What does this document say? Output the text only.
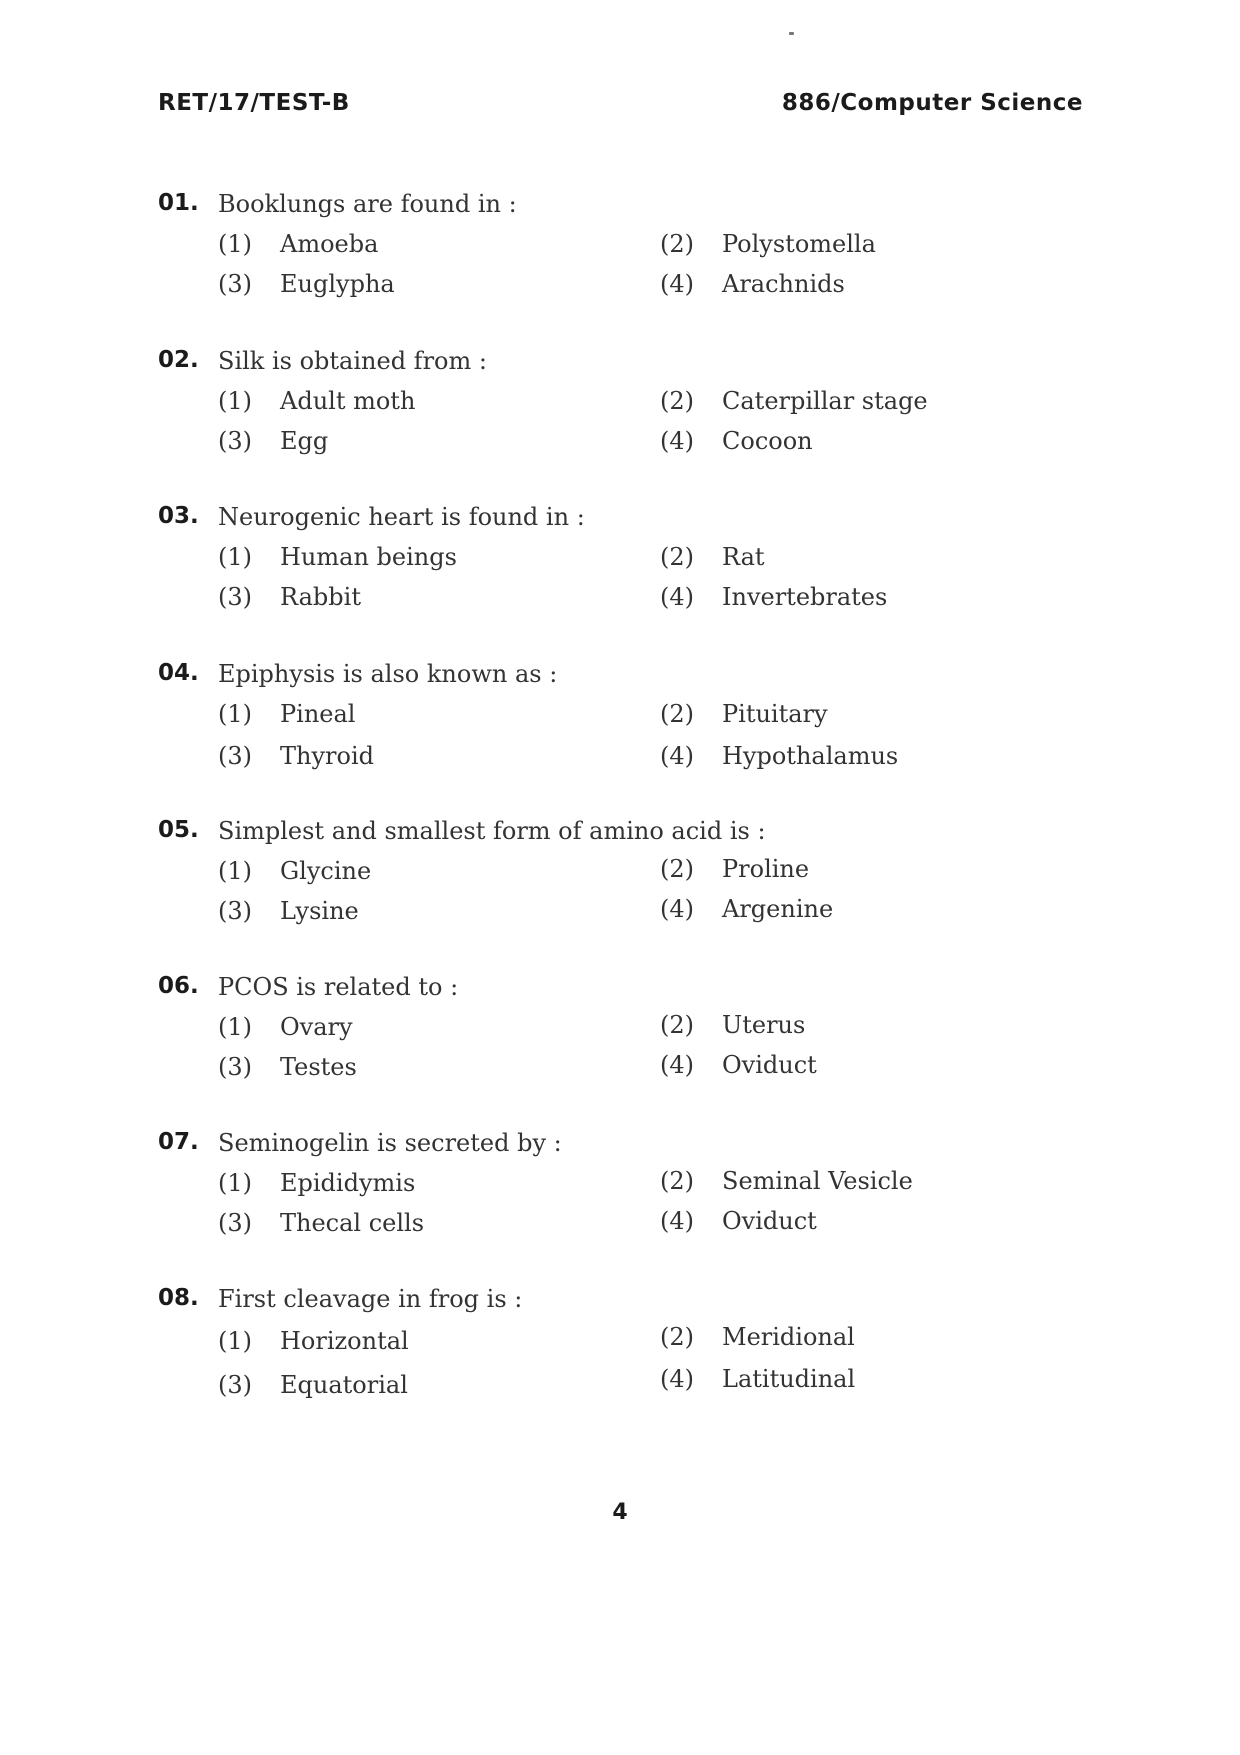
RET/17/TEST-B	886/Computer Science
01. Booklungs are found in :
(1) Amoeba	(2) Polystomella
(3) Euglypha	(4) Arachnids
02. Silk is obtained from :
(1) Adult moth	(2) Caterpillar stage
(3) Egg	(4) Cocoon
03. Neurogenic heart is found in :
(1) Human beings	(2) Rat
(3) Rabbit	(4) Invertebrates
04. Epiphysis is also known as :
(1) Pineal	(2) Pituitary
(3) Thyroid	(4) Hypothalamus
05. Simplest and smallest form of amino acid is :
(1) Glycine	(2) Proline
(3) Lysine	(4) Argenine
06. PCOS is related to :
(1) Ovary	(2) Uterus
(3) Testes	(4) Oviduct
07. Seminogelin is secreted by :
(1) Epididymis	(2) Seminal Vesicle
(3) Thecal cells	(4) Oviduct
08. First cleavage in frog is :
(1) Horizontal	(2) Meridional
(3) Equatorial	(4) Latitudinal
4
